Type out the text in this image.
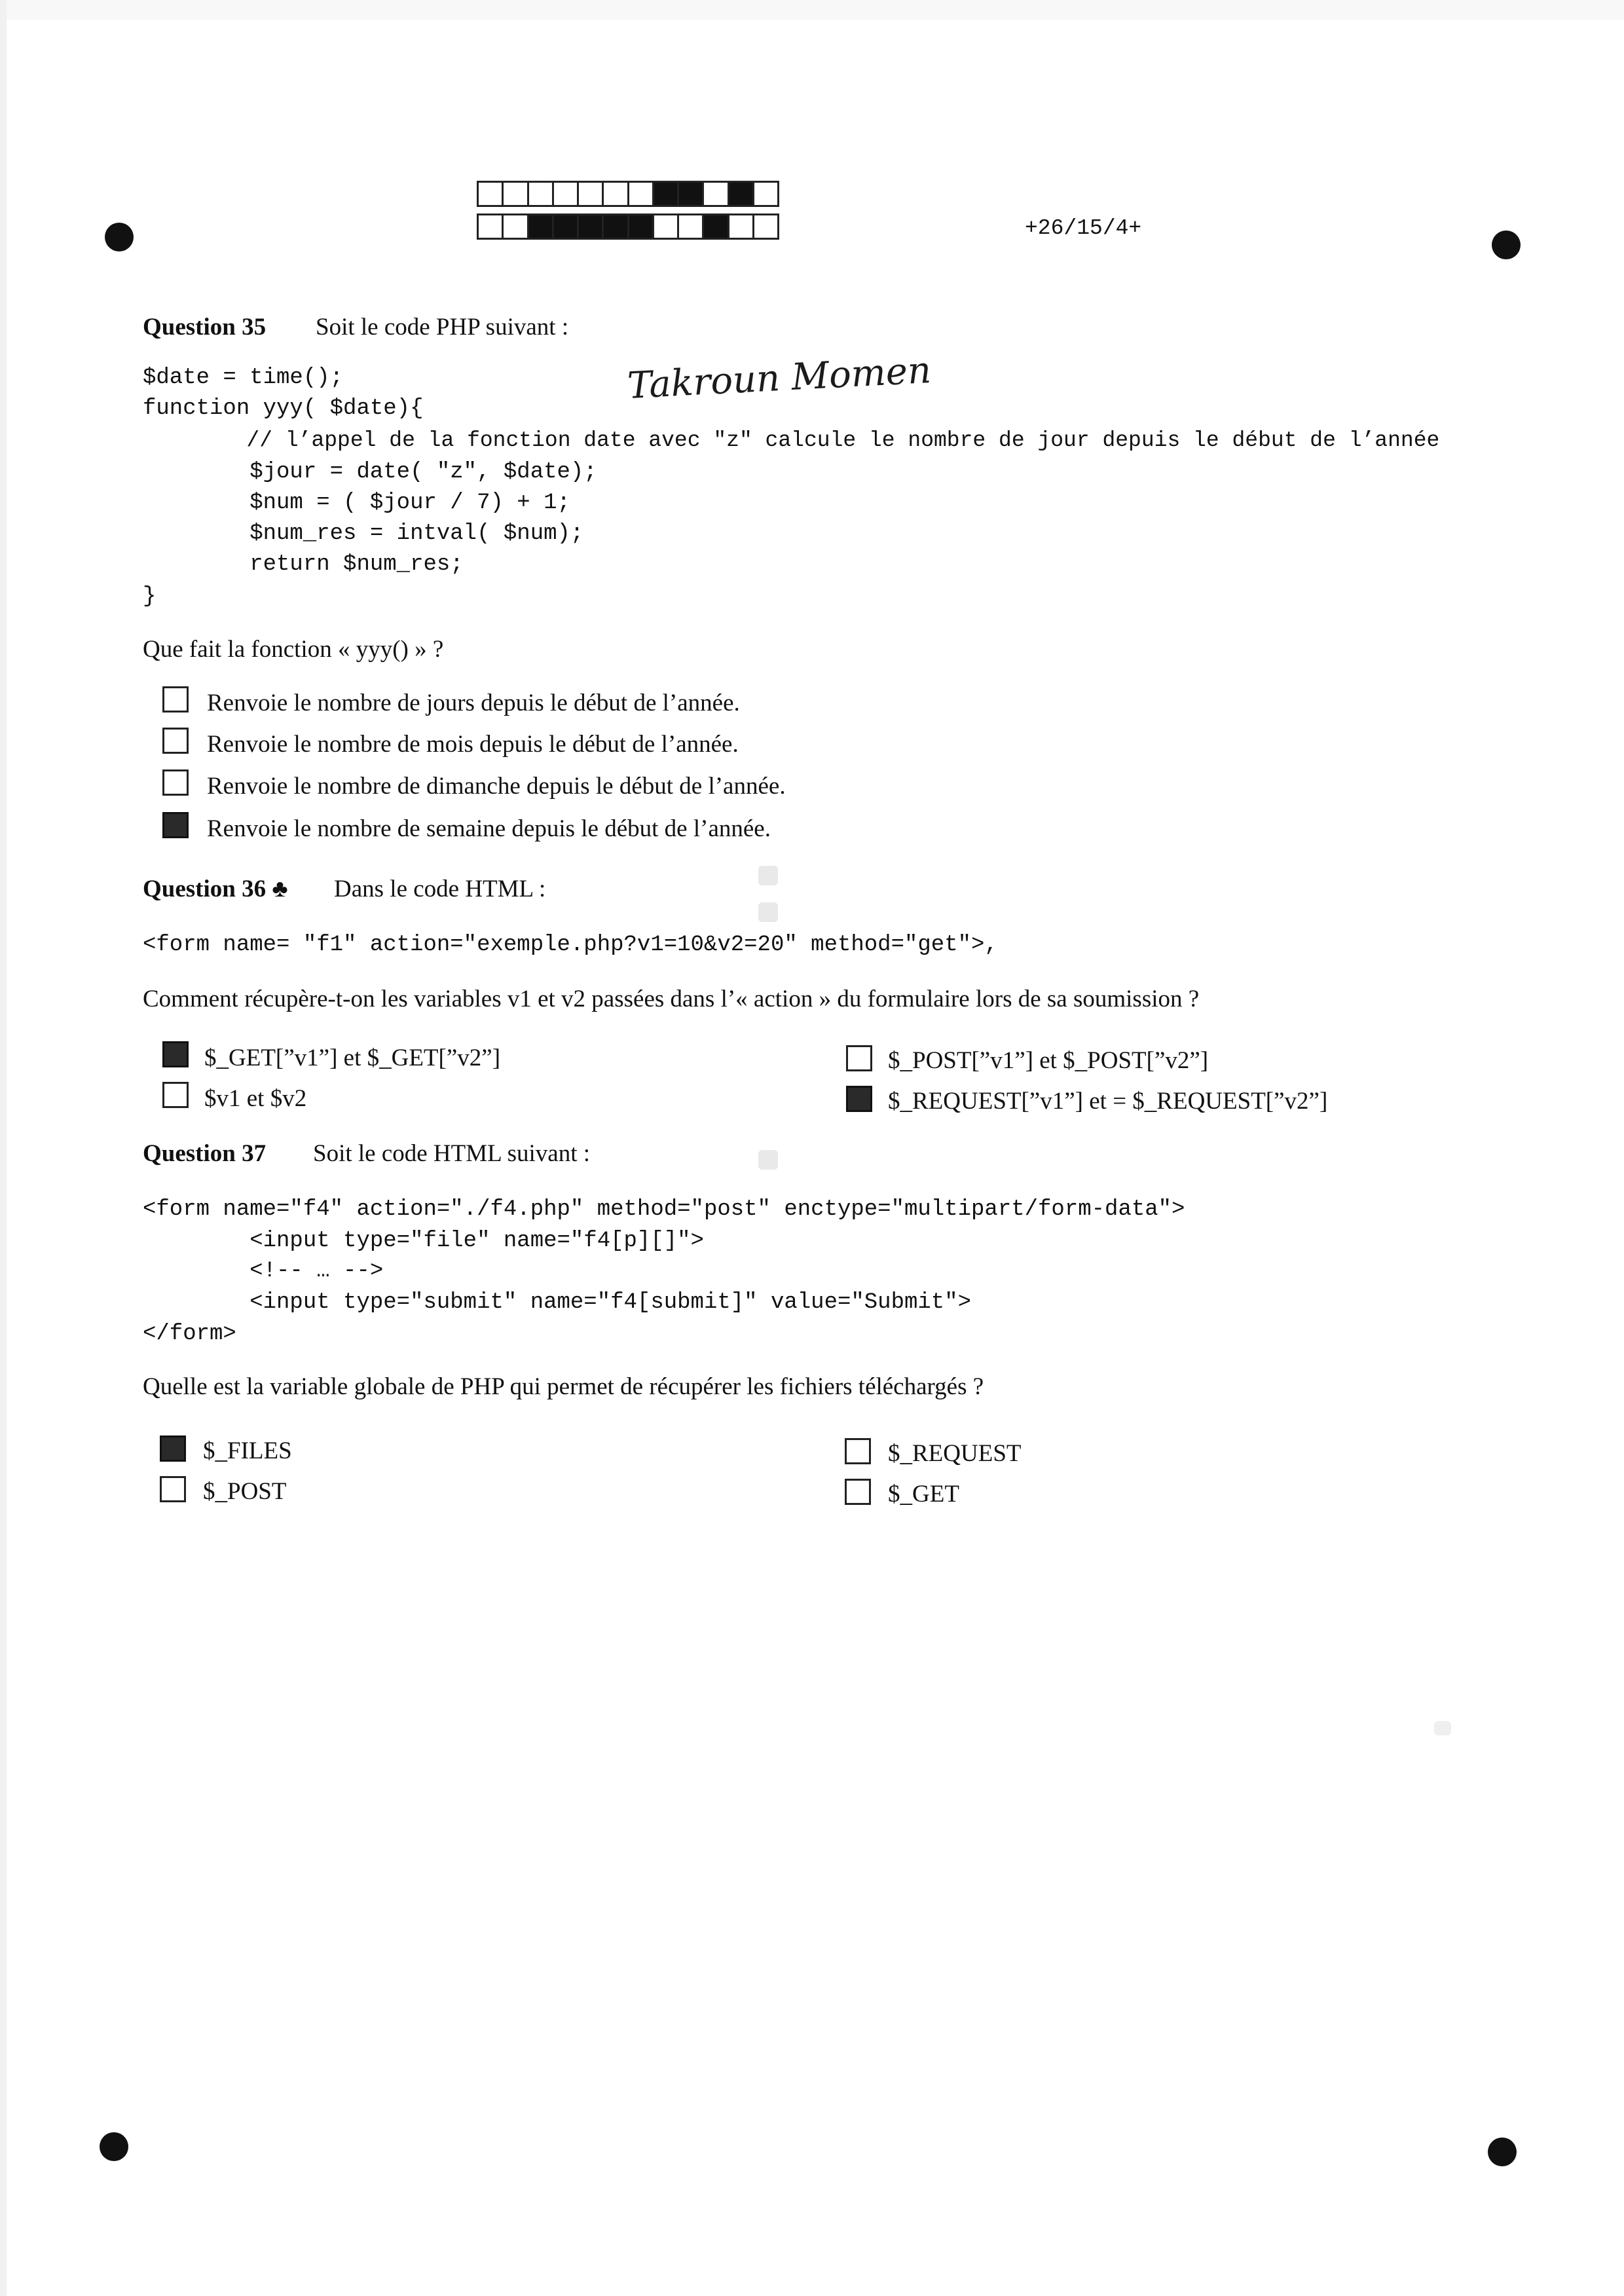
+26/15/4+
Takroun Momen
Question 35 Soit le code PHP suivant :
$date = time();
function yyy( $date){
// l’appel de la fonction date avec "z" calcule le nombre de jour depuis le début de l’année
$jour = date( "z", $date);
$num = ( $jour / 7) + 1;
$num_res = intval( $num);
return $num_res;
}
Que fait la fonction « yyy() » ?
Renvoie le nombre de jours depuis le début de l’année.
Renvoie le nombre de mois depuis le début de l’année.
Renvoie le nombre de dimanche depuis le début de l’année.
Renvoie le nombre de semaine depuis le début de l’année.
Question 36 ♣ Dans le code HTML :
<form name= "f1" action="exemple.php?v1=10&v2=20" method="get">,
Comment récupère-t-on les variables v1 et v2 passées dans l’« action » du formulaire lors de sa soumission ?
$_GET[”v1”] et $_GET[”v2”]
$v1 et $v2
$_POST[”v1”] et $_POST[”v2”]
$_REQUEST[”v1”] et = $_REQUEST[”v2”]
Question 37 Soit le code HTML suivant :
<form name="f4" action="./f4.php" method="post" enctype="multipart/form-data">
<input type="file" name="f4[p][]">
<!-- … -->
<input type="submit" name="f4[submit]" value="Submit">
</form>
Quelle est la variable globale de PHP qui permet de récupérer les fichiers téléchargés ?
$_FILES
$_POST
$_REQUEST
$_GET
